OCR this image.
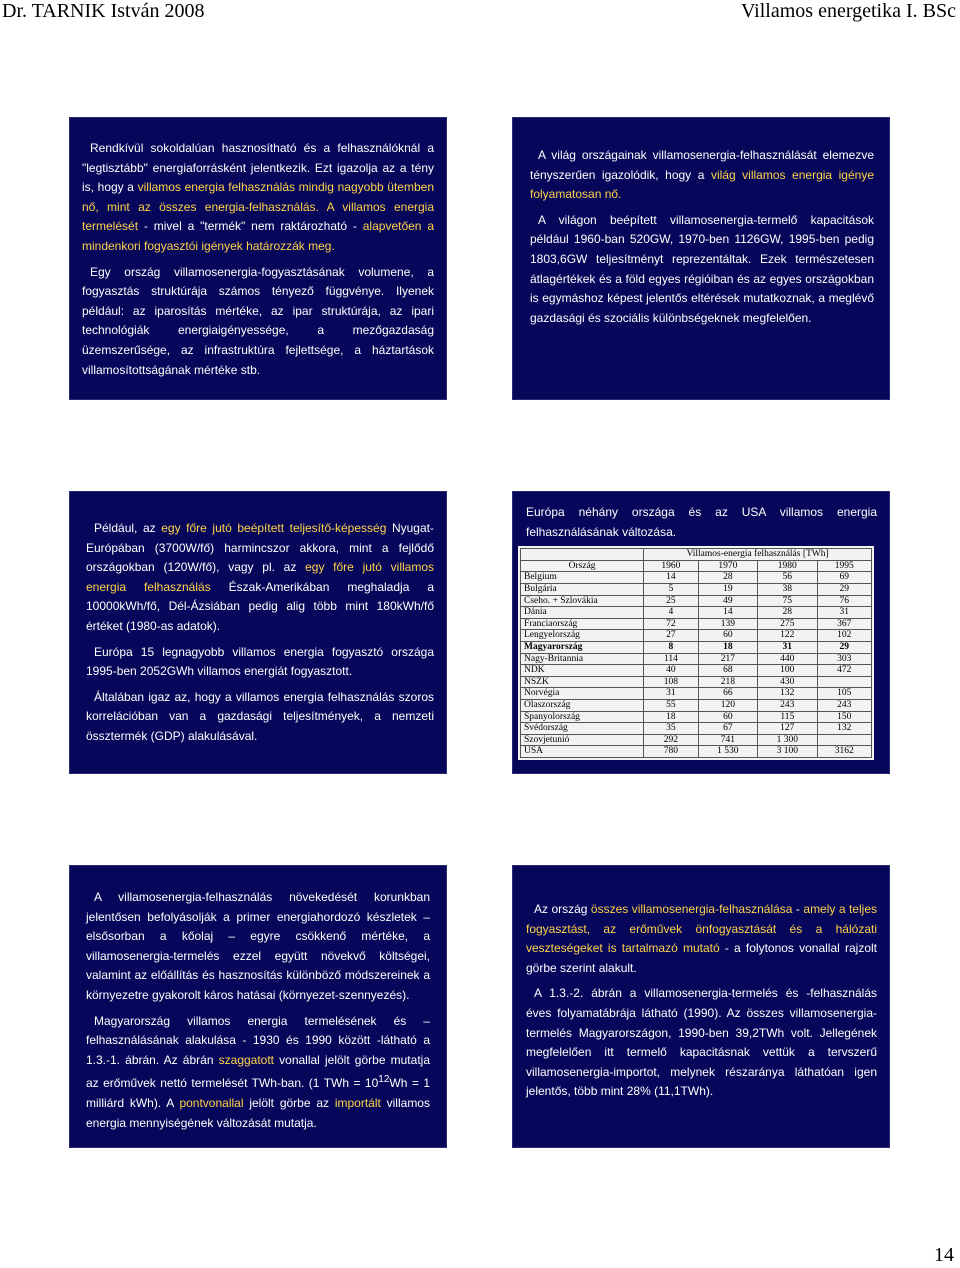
Dr. TARNIK István 2008	Villamos energetika I. BSc

Rendkívül sokoldalúan hasznosítható és a felhasználóknál a "legtisztább" energiaforrásként jelentkezik. Ezt igazolja az a tény is, hogy a villamos energia felhasználás mindig nagyobb ütemben nő, mint az összes energia-felhasználás. A villamos energia termelését - mivel a "termék" nem raktározható - alapvetően a mindenkori fogyasztói igények határozzák meg.

Egy ország villamosenergia-fogyasztásának volumene, a fogyasztás struktúrája számos tényező függvénye. Ilyenek például: az iparosítás mértéke, az ipar struktúrája, az ipari technológiák energiaigényessége, a mezőgazdaság üzemszerűsége, az infrastruktúra fejlettsége, a háztartások villamosítottságának mértéke stb.

A világ országainak villamosenergia-felhasználását elemezve tényszerűen igazolódik, hogy a világ villamos energia igénye folyamatosan nő.

A világon beépített villamosenergia-termelő kapacitások például 1960-ban 520GW, 1970-ben 1126GW, 1995-ben pedig 1803,6GW teljesítményt reprezentáltak. Ezek természetesen átlagértékek és a föld egyes régióiban és az egyes országokban is egymáshoz képest jelentős eltérések mutatkoznak, a meglévő gazdasági és szociális különbségeknek megfelelően.

Például, az egy főre jutó beépített teljesítő-képesség Nyugat-Európában (3700W/fő) harmincszor akkora, mint a fejlődő országokban (120W/fő), vagy pl. az egy főre jutó villamos energia felhasználás Észak-Amerikában meghaladja a 10000kWh/fő, Dél-Ázsiában pedig alig több mint 180kWh/fő értéket (1980-as adatok).

Európa 15 legnagyobb villamos energia fogyasztó országa 1995-ben 2052GWh villamos energiát fogyasztott.

Általában igaz az, hogy a villamos energia felhasználás szoros korrelációban van a gazdasági teljesítmények, a nemzeti össztermék (GDP) alakulásával.

Európa néhány országa és az USA villamos energia felhasználásának változása.

	Villamos-energia felhasználás [TWh]			
Ország	1960	1970	1980	1995
Belgium	14	28	56	69
Bulgária	5	19	38	29
Cseho. + Szlovákia	25	49	75	76
Dánia	4	14	28	31
Franciaország	72	139	275	367
Lengyelország	27	60	122	102
Magyarország	8	18	31	29
Nagy-Britannia	114	217	440	303
NDK	40	68	100	472
NSZK	108	218	430	
Norvégia	31	66	132	105
Olaszország	55	120	243	243
Spanyolország	18	60	115	150
Svédország	35	67	127	132
Szovjetunió	292	741	1 300	
USA	780	1 530	3 100	3162

A villamosenergia-felhasználás növekedését korunkban jelentősen befolyásolják a primer energiahordozó készletek – elsősorban a kőolaj – egyre csökkenő mértéke, a villamosenergia-termelés ezzel együtt növekvő költségei, valamint az előállítás és hasznosítás különböző módszereinek a környezetre gyakorolt káros hatásai (környezet-szennyezés).

Magyarország villamos energia termelésének és –felhasználásának alakulása - 1930 és 1990 között -látható a 1.3.-1. ábrán. Az ábrán szaggatott vonallal jelölt görbe mutatja az erőművek nettó termelését TWh-ban. (1 TWh = $10^{12}Wh = 1$ milliárd kWh). A pontvonallal jelölt görbe az importált villamos energia mennyiségének változását mutatja.

Az ország összes villamosenergia-felhasználása - amely a teljes fogyasztást, az erőművek önfogyasztását és a hálózati veszteségeket is tartalmazó mutató - a folytonos vonallal rajzolt görbe szerint alakult.

A 1.3.-2. ábrán a villamosenergia-termelés és -felhasználás éves folyamatábrája látható (1990). Az összes villamosenergia-termelés Magyarországon, 1990-ben 39,2TWh volt. Jellegének megfelelően itt termelő kapacitásnak vettük a tervszerű villamosenergia-importot, melynek részaránya láthatóan igen jelentős, több mint 28% (11,1TWh).

14
